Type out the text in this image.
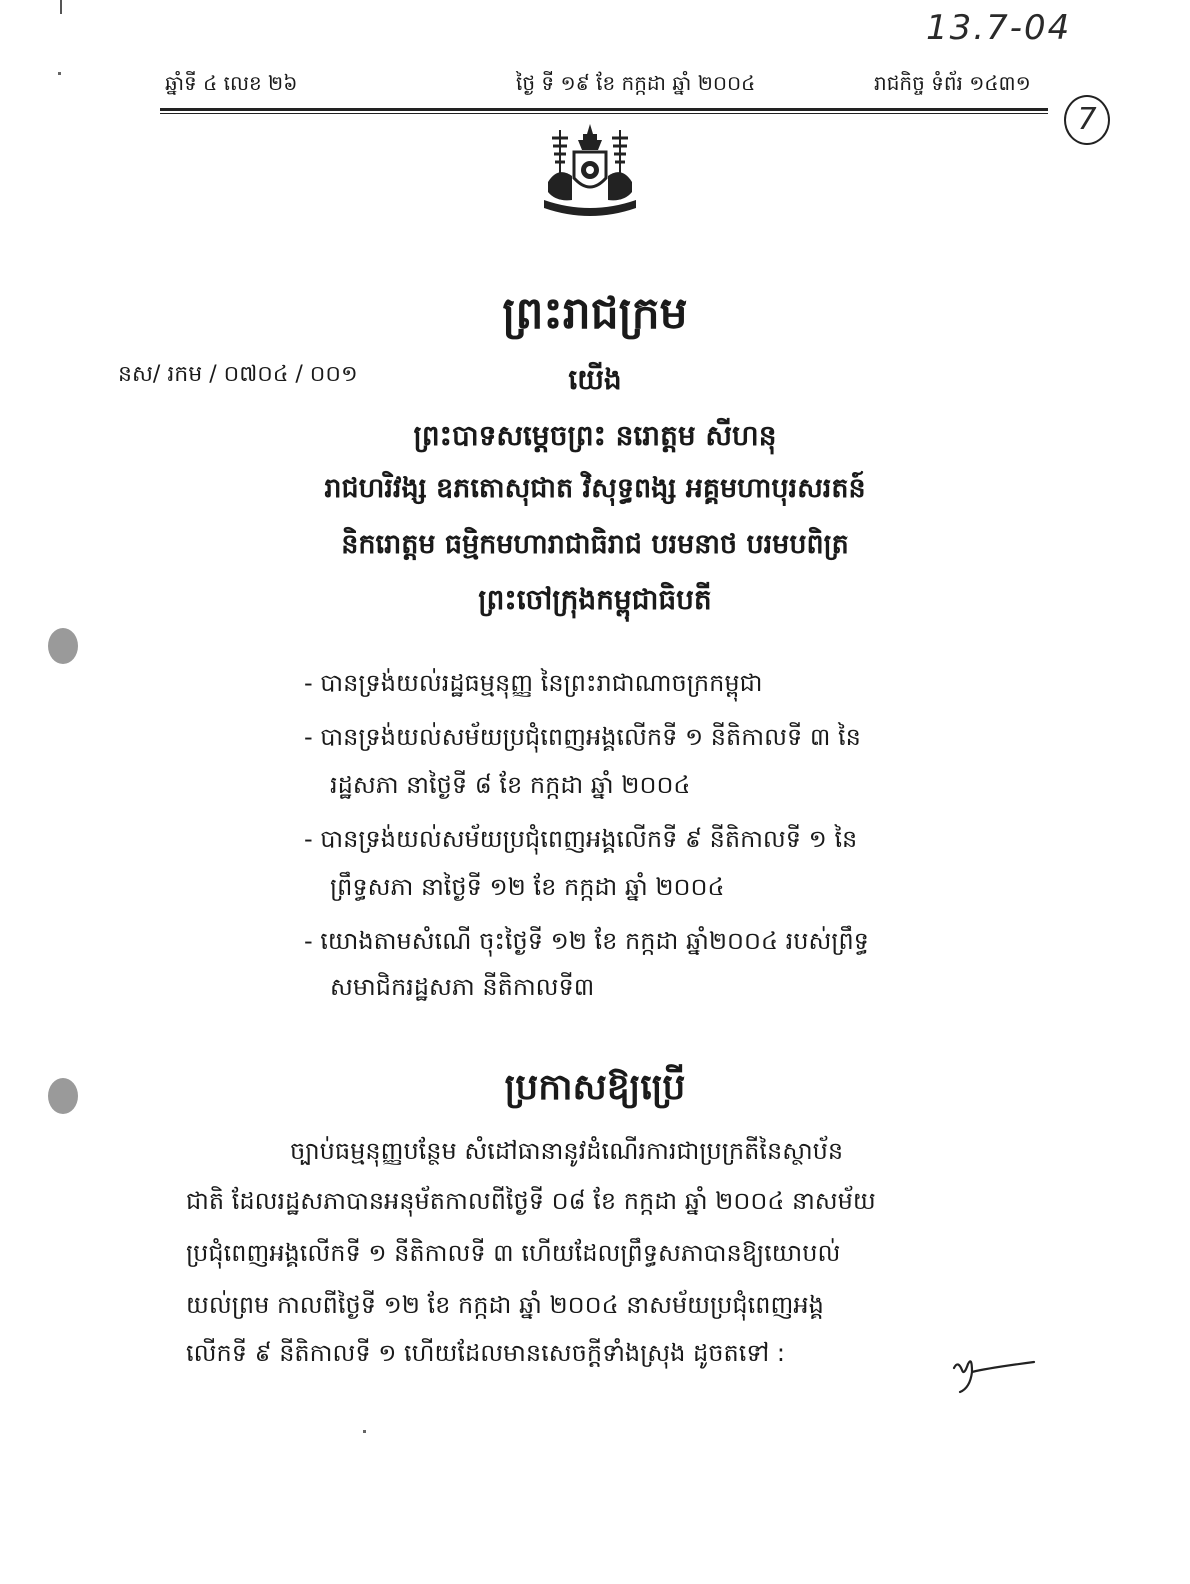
13.7-04
7
ឆ្នាំទី ៤ លេខ ២៦	ថ្ងៃ ទី ១៩ ខែ កក្កដា ឆ្នាំ ២០០៤	រាជកិច្ច ទំព័រ ១៤៣១
ព្រះរាជក្រម
នស/ រកម / ០៧០៤ / ០០១	យើង
ព្រះបាទសម្ដេចព្រះ នរោត្ដម សីហនុ
រាជហរិវង្ស ឧភតោសុជាត វិសុទ្ធពង្ស អគ្គមហាបុរសរតន៍
និករោត្តម ធម្មិកមហារាជាធិរាជ បរមនាថ បរមបពិត្រ
ព្រះចៅក្រុងកម្ពុជាធិបតី
- បានទ្រង់យល់រដ្ឋធម្មនុញ្ញ នៃព្រះរាជាណាចក្រកម្ពុជា
- បានទ្រង់យល់សម័យប្រជុំពេញអង្គលើកទី ១ នីតិកាលទី ៣ នៃ
រដ្ឋសភា នាថ្ងៃទី ៨ ខែ កក្កដា ឆ្នាំ ២០០៤
- បានទ្រង់យល់សម័យប្រជុំពេញអង្គលើកទី ៩ នីតិកាលទី ១ នៃ
ព្រឹទ្ធសភា នាថ្ងៃទី ១២ ខែ កក្កដា ឆ្នាំ ២០០៤
- យោងតាមសំណើ ចុះថ្ងៃទី ១២ ខែ កក្កដា ឆ្នាំ២០០៤ របស់ព្រឹទ្ធ
សមាជិករដ្ឋសភា នីតិកាលទី៣
ប្រកាសឱ្យប្រើ
ច្បាប់ធម្មនុញ្ញបន្ថែម សំដៅធានានូវដំណើរការជាប្រក្រតីនៃស្ថាប័ន
ជាតិ ដែលរដ្ឋសភាបានអនុម័តកាលពីថ្ងៃទី ០៨ ខែ កក្កដា ឆ្នាំ ២០០៤ នាសម័យ
ប្រជុំពេញអង្គលើកទី ១ នីតិកាលទី ៣ ហើយដែលព្រឹទ្ធសភាបានឱ្យយោបល់
យល់ព្រម កាលពីថ្ងៃទី ១២ ខែ កក្កដា ឆ្នាំ ២០០៤ នាសម័យប្រជុំពេញអង្គ
លើកទី ៩ នីតិកាលទី ១ ហើយដែលមានសេចក្ដីទាំងស្រុង ដូចតទៅ :
